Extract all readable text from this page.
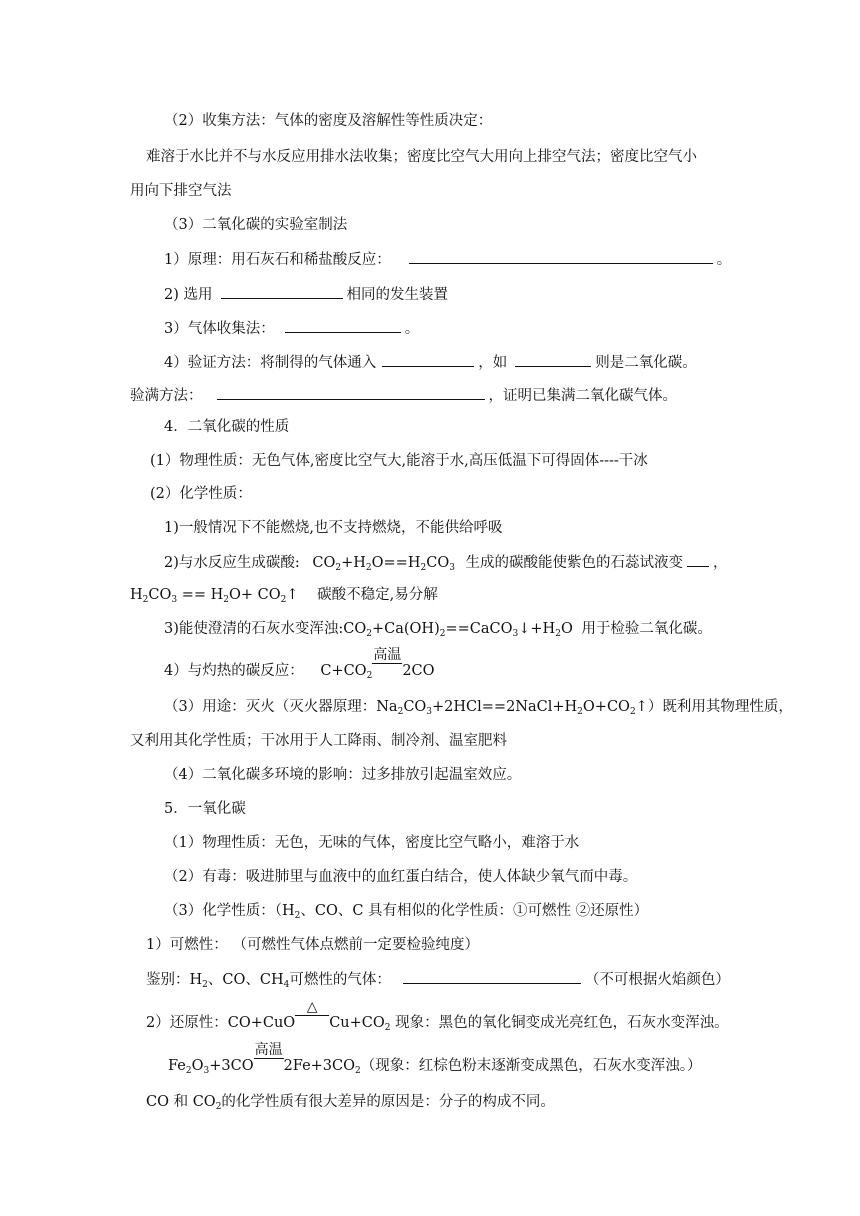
（2）收集方法：气体的密度及溶解性等性质决定：
难溶于水比并不与水反应用排水法收集；密度比空气大用向上排空气法；密度比空气小
用向下排空气法
（3）二氧化碳的实验室制法
1）原理：用石灰石和稀盐酸反应：	。
2) 选用	相同的发生装置
3）气体收集法：	。
4）验证方法：将制得的气体通入	，如	则是二氧化碳。
验满方法：	，证明已集满二氧化碳气体。
4．二氧化碳的性质
(1）物理性质：无色气体,密度比空气大,能溶于水,高压低温下可得固体----干冰
(2）化学性质：
1)一般情况下不能燃烧,也不支持燃烧，不能供给呼吸
2)与水反应生成碳酸: $CO_2+H_2O==H_2CO_3$ 生成的碳酸能使紫色的石蕊试液变 ，
$H_2CO_3 == H_2O+$ $CO_2↑$ 碳酸不稳定,易分解
3)能使澄清的石灰水变浑浊$:CO_2+Ca(OH)_2==CaCO_3↓+H_2O$ 用于检验二氧化碳。
4）与灼热的碳反应： $C+CO_2$
高温
2CO
（3）用途：灭火（灭火器原理：$Na_2CO_3+2HCl==2NaCl+H_2O+CO_2↑$）既利用其物理性质，
又利用其化学性质；干冰用于人工降雨、制冷剂、温室肥料
（4）二氧化碳多环境的影响：过多排放引起温室效应。
5．一氧化碳
（1）物理性质：无色，无味的气体，密度比空气略小，难溶于水
（2）有毒：吸进肺里与血液中的血红蛋白结合，使人体缺少氧气而中毒。
（3）化学性质：（$H_2$、CO、C 具有相似的化学性质：①可燃性 ②还原性）
1）可燃性： （可燃性气体点燃前一定要检验纯度）
鉴别：$H_2$、CO、$CH_4$可燃性的气体：	（不可根据火焰颜色）
2）还原性：CO+CuO
△
$Cu+CO_2$ 现象：黑色的氧化铜变成光亮红色，石灰水变浑浊。
$Fe_2O_3+3CO$
高温
$2Fe+3CO_2$（现象：红棕色粉末逐渐变成黑色，石灰水变浑浊。）
CO 和 $CO_2$的化学性质有很大差异的原因是：分子的构成不同。
